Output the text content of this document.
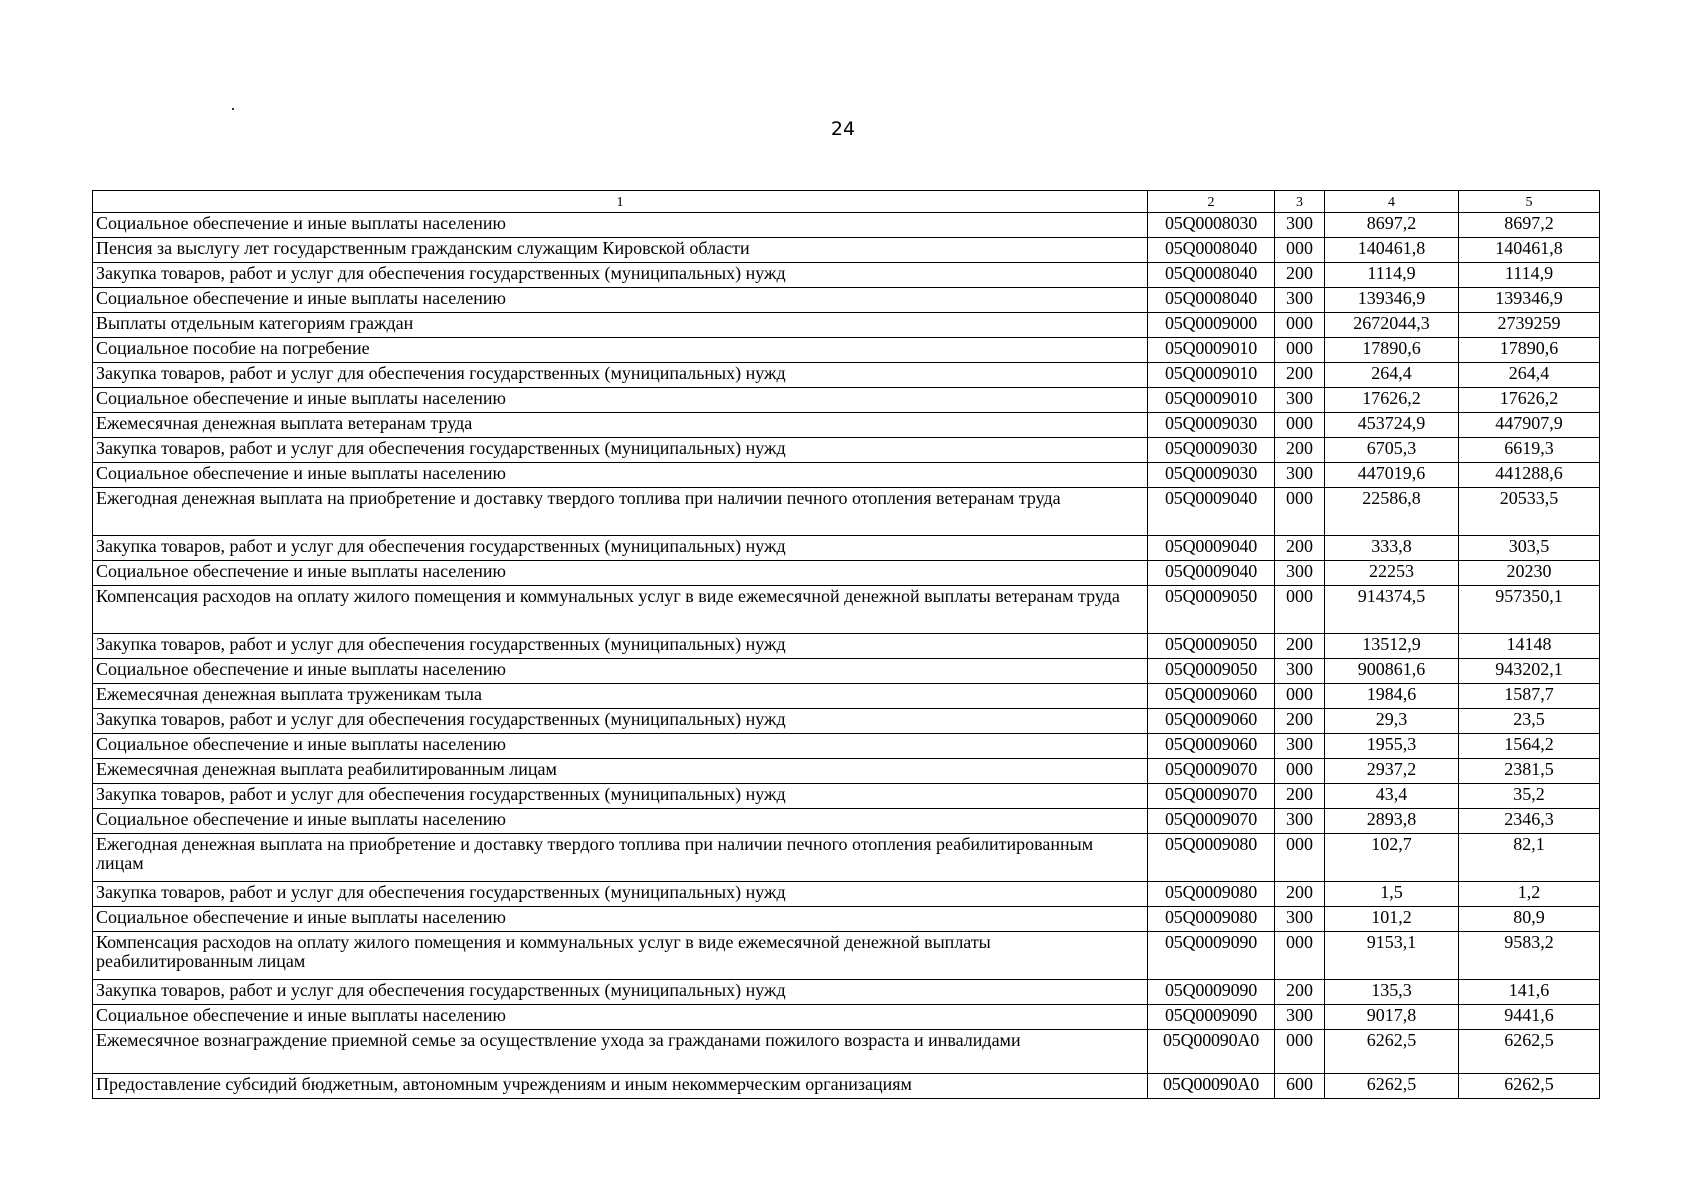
24
1	2	3	4	5
Социальное обеспечение и иные выплаты населению	05Q0008030	300	8697,2	8697,2
Пенсия за выслугу лет государственным гражданским служащим Кировской области	05Q0008040	000	140461,8	140461,8
Закупка товаров, работ и услуг для обеспечения государственных (муниципальных) нужд	05Q0008040	200	1114,9	1114,9
Социальное обеспечение и иные выплаты населению	05Q0008040	300	139346,9	139346,9
Выплаты отдельным категориям граждан	05Q0009000	000	2672044,3	2739259
Социальное пособие на погребение	05Q0009010	000	17890,6	17890,6
Закупка товаров, работ и услуг для обеспечения государственных (муниципальных) нужд	05Q0009010	200	264,4	264,4
Социальное обеспечение и иные выплаты населению	05Q0009010	300	17626,2	17626,2
Ежемесячная денежная выплата ветеранам труда	05Q0009030	000	453724,9	447907,9
Закупка товаров, работ и услуг для обеспечения государственных (муниципальных) нужд	05Q0009030	200	6705,3	6619,3
Социальное обеспечение и иные выплаты населению	05Q0009030	300	447019,6	441288,6
Ежегодная денежная выплата на приобретение и доставку твердого топлива при наличии печного отопления ветеранам труда	05Q0009040	000	22586,8	20533,5
Закупка товаров, работ и услуг для обеспечения государственных (муниципальных) нужд	05Q0009040	200	333,8	303,5
Социальное обеспечение и иные выплаты населению	05Q0009040	300	22253	20230
Компенсация расходов на оплату жилого помещения и коммунальных услуг в виде ежемесячной денежной выплаты ветеранам труда	05Q0009050	000	914374,5	957350,1
Закупка товаров, работ и услуг для обеспечения государственных (муниципальных) нужд	05Q0009050	200	13512,9	14148
Социальное обеспечение и иные выплаты населению	05Q0009050	300	900861,6	943202,1
Ежемесячная денежная выплата труженикам тыла	05Q0009060	000	1984,6	1587,7
Закупка товаров, работ и услуг для обеспечения государственных (муниципальных) нужд	05Q0009060	200	29,3	23,5
Социальное обеспечение и иные выплаты населению	05Q0009060	300	1955,3	1564,2
Ежемесячная денежная выплата реабилитированным лицам	05Q0009070	000	2937,2	2381,5
Закупка товаров, работ и услуг для обеспечения государственных (муниципальных) нужд	05Q0009070	200	43,4	35,2
Социальное обеспечение и иные выплаты населению	05Q0009070	300	2893,8	2346,3
Ежегодная денежная выплата на приобретение и доставку твердого топлива при наличии печного отопления реабилитированным лицам	05Q0009080	000	102,7	82,1
Закупка товаров, работ и услуг для обеспечения государственных (муниципальных) нужд	05Q0009080	200	1,5	1,2
Социальное обеспечение и иные выплаты населению	05Q0009080	300	101,2	80,9
Компенсация расходов на оплату жилого помещения и коммунальных услуг в виде ежемесячной денежной выплаты реабилитированным лицам	05Q0009090	000	9153,1	9583,2
Закупка товаров, работ и услуг для обеспечения государственных (муниципальных) нужд	05Q0009090	200	135,3	141,6
Социальное обеспечение и иные выплаты населению	05Q0009090	300	9017,8	9441,6
Ежемесячное вознаграждение приемной семье за осуществление ухода за гражданами пожилого возраста и инвалидами	05Q00090A0	000	6262,5	6262,5
Предоставление субсидий бюджетным, автономным учреждениям и иным некоммерческим организациям	05Q00090A0	600	6262,5	6262,5
